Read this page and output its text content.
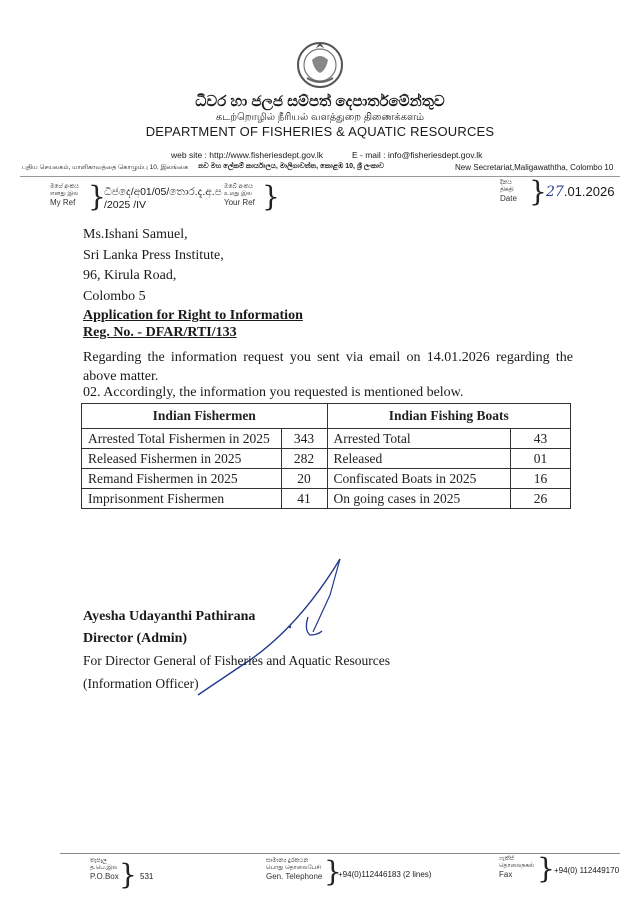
ධීවර හා ජලජ සම්පත් දෙපාර්තමේන්තුව
கடற்றொழில் நீரியல் வளத்துறை திணைக்களம்
DEPARTMENT OF FISHERIES & AQUATIC RESOURCES
web site : http://www.fisheriesdept.gov.lk	E - mail : info@fisheriesdept.gov.lk
புதிய செயலகம், மாளிகாவத்தை கொழும்பு 10, இலங்கை නව මහ ලේකම් කාර්යාලය, මාලිගාවත්ත, කොළඹ 10, ශ්‍රී ලංකාව	New Secretariat,Maligawaththa, Colombo 10
මගේ අංකය
எனது இல
My Ref }
ධීජදෙ/අ01/05/තොර.දැ.අ.ප
/2025 /IV
ඔබේ අංකය
உமது இல
Your Ref }	දිනය
திகதி
Date } 27.01.2026
Ms.Ishani Samuel,
Sri Lanka Press Institute,
96, Kirula Road,
Colombo 5
Application for Right to Information
Reg. No. - DFAR/RTI/133
Regarding the information request you sent via email on 14.01.2026 regarding the above matter.
02. Accordingly, the information you requested is mentioned below.
Indian Fishermen		Indian Fishing Boats	
Arrested Total Fishermen in 2025	343	Arrested Total	43
Released Fishermen in 2025	282	Released	01
Remand Fishermen in 2025	20	Confiscated Boats in 2025	16
Imprisonment Fishermen	41	On going cases in 2025	26
Ayesha Udayanthi Pathirana
Director (Admin)
For Director General of Fisheries and Aquatic Resources
(Information Officer)
තැපෑල
த.பெ.இல
P.O.Box } 531
සාමාන්‍ය දුරකථන
பொது தொலைபேசி
Gen. Telephone }
+94(0)112446183 (2 lines)
ෆැක්ස්
தொலைநகல்
Fax } +94(0) 112449170
